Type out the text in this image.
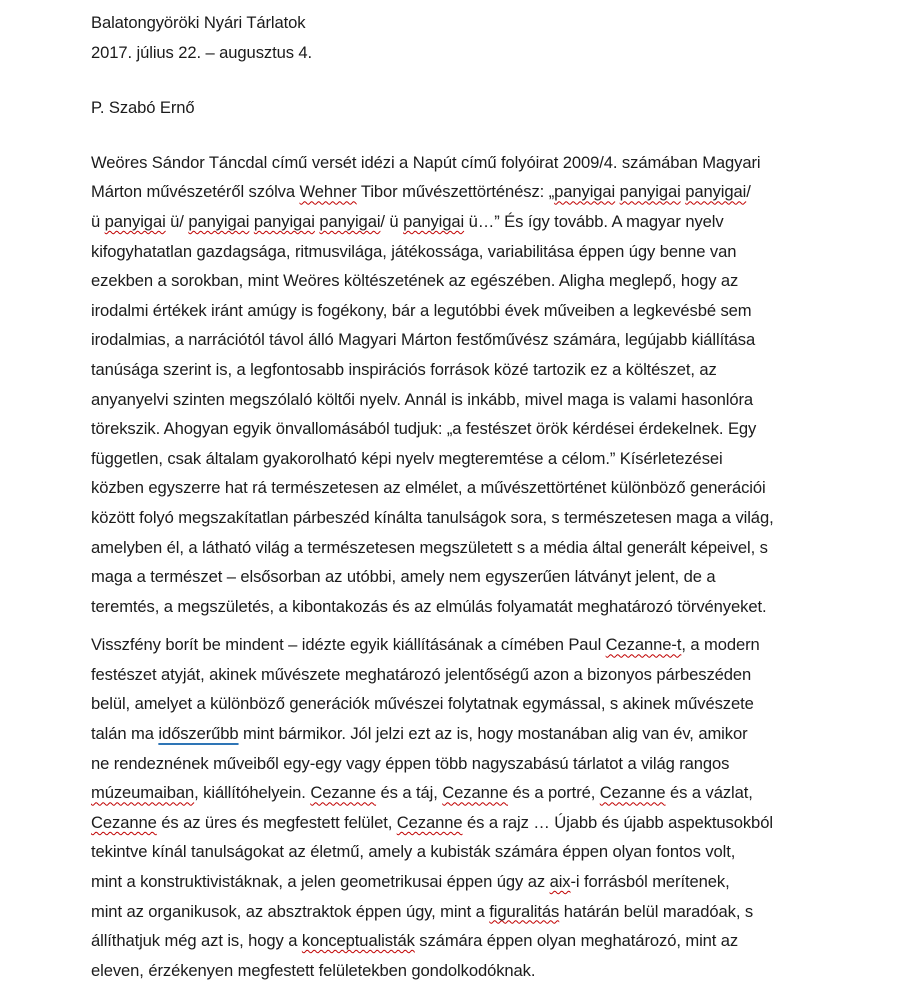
Balatongyöröki Nyári Tárlatok
2017. július 22. – augusztus 4.
P. Szabó Ernő
Weöres Sándor Táncdal című versét idézi a Napút című folyóirat 2009/4. számában Magyari
Márton művészetéről szólva Wehner Tibor művészettörténész: „panyigai panyigai panyigai/
ü panyigai ü/ panyigai panyigai panyigai/ ü panyigai ü…” És így tovább. A magyar nyelv
kifogyhatatlan gazdagsága, ritmusvilága, játékossága, variabilitása éppen úgy benne van
ezekben a sorokban, mint Weöres költészetének az egészében. Aligha meglepő, hogy az
irodalmi értékek iránt amúgy is fogékony, bár a legutóbbi évek műveiben a legkevésbé sem
irodalmias, a narrációtól távol álló Magyari Márton festőművész számára, legújabb kiállítása
tanúsága szerint is, a legfontosabb inspirációs források közé tartozik ez a költészet, az
anyanyelvi szinten megszólaló költői nyelv. Annál is inkább, mivel maga is valami hasonlóra
törekszik. Ahogyan egyik önvallomásából tudjuk: „a festészet örök kérdései érdekelnek. Egy
független, csak általam gyakorolható képi nyelv megteremtése a célom.” Kísérletezései
közben egyszerre hat rá természetesen az elmélet, a művészettörténet különböző generációi
között folyó megszakítatlan párbeszéd kínálta tanulságok sora, s természetesen maga a világ,
amelyben él, a látható világ a természetesen megszületett s a média által generált képeivel, s
maga a természet – elsősorban az utóbbi, amely nem egyszerűen látványt jelent, de a
teremtés, a megszületés, a kibontakozás és az elmúlás folyamatát meghatározó törvényeket.
Visszfény borít be mindent – idézte egyik kiállításának a címében Paul Cezanne-t, a modern
festészet atyját, akinek művészete meghatározó jelentőségű azon a bizonyos párbeszéden
belül, amelyet a különböző generációk művészei folytatnak egymással, s akinek művészete
talán ma időszerűbb mint bármikor. Jól jelzi ezt az is, hogy mostanában alig van év, amikor
ne rendeznének műveiből egy-egy vagy éppen több nagyszabású tárlatot a világ rangos
múzeumaiban, kiállítóhelyein. Cezanne és a táj, Cezanne és a portré, Cezanne és a vázlat,
Cezanne és az üres és megfestett felület, Cezanne és a rajz … Újabb és újabb aspektusokból
tekintve kínál tanulságokat az életmű, amely a kubisták számára éppen olyan fontos volt,
mint a konstruktivistáknak, a jelen geometrikusai éppen úgy az aix-i forrásból merítenek,
mint az organikusok, az absztraktok éppen úgy, mint a figuralitás határán belül maradóak, s
állíthatjuk még azt is, hogy a konceptualisták számára éppen olyan meghatározó, mint az
eleven, érzékenyen megfestett felületekben gondolkodóknak.
